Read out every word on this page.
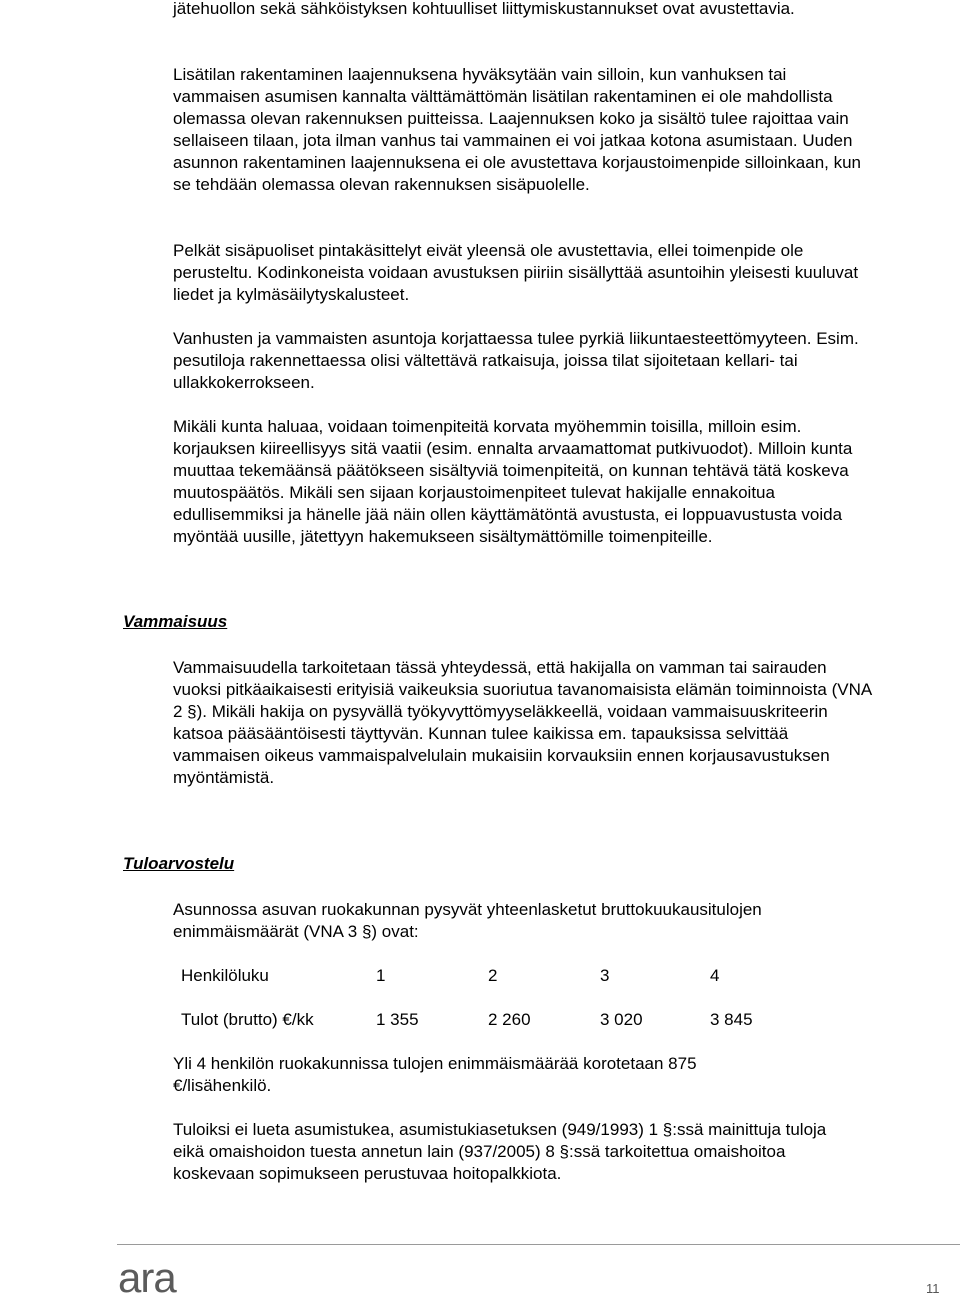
jätehuollon sekä sähköistyksen kohtuulliset liittymiskustannukset ovat avustettavia.

Lisätilan rakentaminen laajennuksena hyväksytään vain silloin, kun vanhuksen tai vammaisen asumisen kannalta välttämättömän lisätilan rakentaminen ei ole mahdollista olemassa olevan rakennuksen puitteissa. Laajennuksen koko ja sisältö tulee rajoittaa vain sellaiseen tilaan, jota ilman vanhus tai vammainen ei voi jatkaa kotona asumistaan. Uuden asunnon rakentaminen laajennuksena ei ole avustettava korjaustoimenpide silloinkaan, kun se tehdään olemassa olevan rakennuksen sisäpuolelle.

Pelkät sisäpuoliset pintakäsittelyt eivät yleensä ole avustettavia, ellei toimenpide ole perusteltu. Kodinkoneista voidaan avustuksen piiriin sisällyttää asuntoihin yleisesti kuuluvat liedet ja kylmäsäilytyskalusteet.

Vanhusten ja vammaisten asuntoja korjattaessa tulee pyrkiä liikuntaesteettömyyteen. Esim. pesutiloja rakennettaessa olisi vältettävä ratkaisuja, joissa tilat sijoitetaan kellari- tai ullakkokerrokseen.

Mikäli kunta haluaa, voidaan toimenpiteitä korvata myöhemmin toisilla, milloin esim. korjauksen kiireellisyys sitä vaatii (esim. ennalta arvaamattomat putkivuodot). Milloin kunta muuttaa tekemäänsä päätökseen sisältyviä toimenpiteitä, on kunnan tehtävä tätä koskeva muutospäätös. Mikäli sen sijaan korjaustoimenpiteet tulevat hakijalle ennakoitua edullisemmiksi ja hänelle jää näin ollen käyttämätöntä avustusta, ei loppuavustusta voida myöntää uusille, jätettyyn hakemukseen sisältymättömille toimenpiteille.

Vammaisuus

Vammaisuudella tarkoitetaan tässä yhteydessä, että hakijalla on vamman tai sairauden vuoksi pitkäaikaisesti erityisiä vaikeuksia suoriutua tavanomaisista elämän toiminnoista (VNA 2 §). Mikäli hakija on pysyvällä työkyvyttömyyseläkkeellä, voidaan vammaisuuskriteerin katsoa pääsääntöisesti täyttyvän. Kunnan tulee kaikissa em. tapauksissa selvittää vammaisen oikeus vammaispalvelulain mukaisiin korvauksiin ennen korjausavustuksen myöntämistä.

Tuloarvostelu

Asunnossa asuvan ruokakunnan pysyvät yhteenlasketut bruttokuukausitulojen enimmäismäärät (VNA 3 §) ovat:

Henkilöluku	1	2	3	4
Tulot (brutto) €/kk	1 355	2 260	3 020	3 845

Yli 4 henkilön ruokakunnissa tulojen enimmäismäärää korotetaan 875 €/lisähenkilö.

Tuloiksi ei lueta asumistukea, asumistukiasetuksen (949/1993) 1 §:ssä mainittuja tuloja eikä omaishoidon tuesta annetun lain (937/2005) 8 §:ssä tarkoitettua omaishoitoa koskevaan sopimukseen perustuvaa hoitopalkkiota.

ara	11
